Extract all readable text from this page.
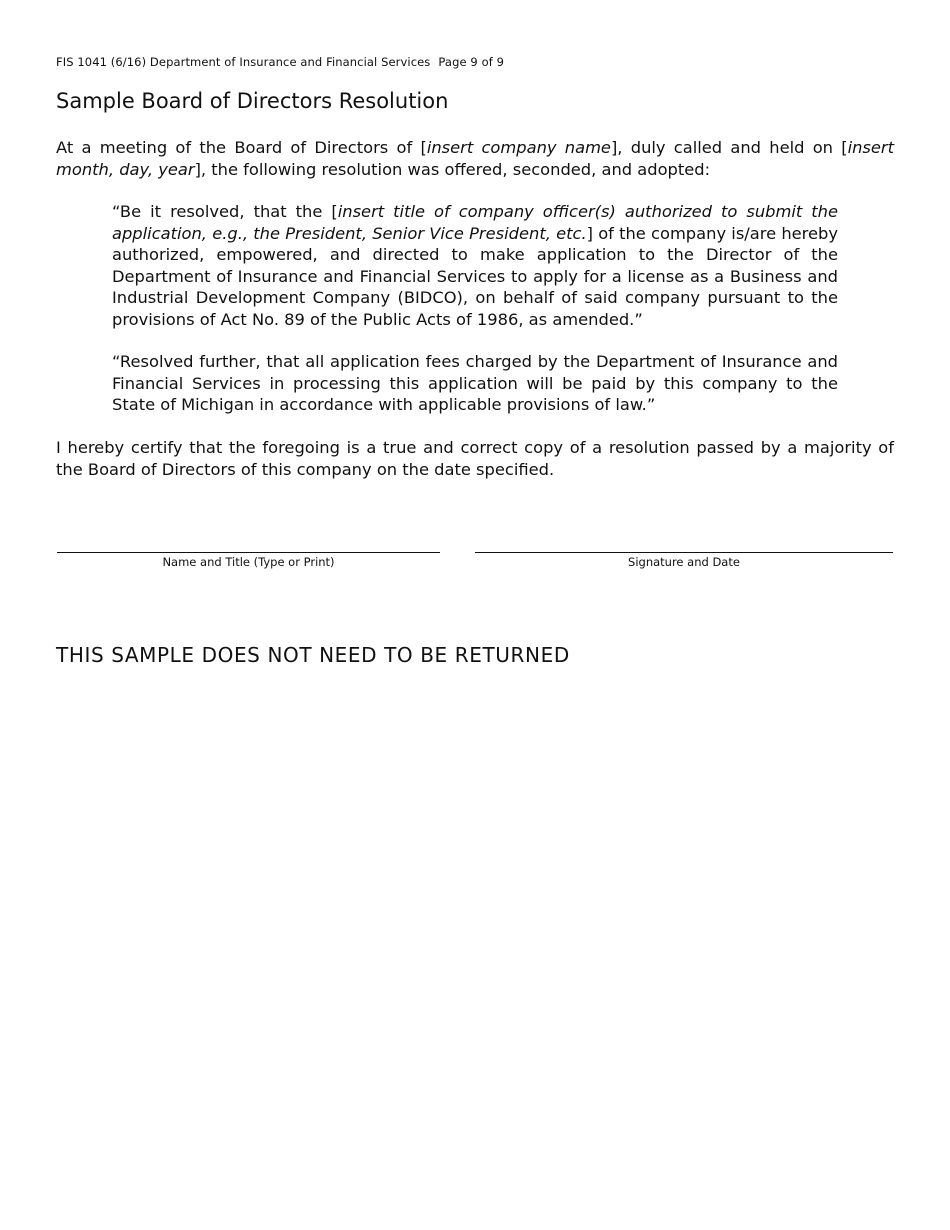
FIS 1041 (6/16) Department of Insurance and Financial Services Page 9 of 9
Sample Board of Directors Resolution

At a meeting of the Board of Directors of [insert company name], duly called and held on [insert month, day, year], the following resolution was offered, seconded, and adopted:

“Be it resolved, that the [insert title of company officer(s) authorized to submit the application, e.g., the President, Senior Vice President, etc.] of the company is/are hereby authorized, empowered, and directed to make application to the Director of the Department of Insurance and Financial Services to apply for a license as a Business and Industrial Development Company (BIDCO), on behalf of said company pursuant to the provisions of Act No. 89 of the Public Acts of 1986, as amended.”

“Resolved further, that all application fees charged by the Department of Insurance and Financial Services in processing this application will be paid by this company to the State of Michigan in accordance with applicable provisions of law.”

I hereby certify that the foregoing is a true and correct copy of a resolution passed by a majority of the Board of Directors of this company on the date specified.

Name and Title (Type or Print)	Signature and Date
THIS SAMPLE DOES NOT NEED TO BE RETURNED
